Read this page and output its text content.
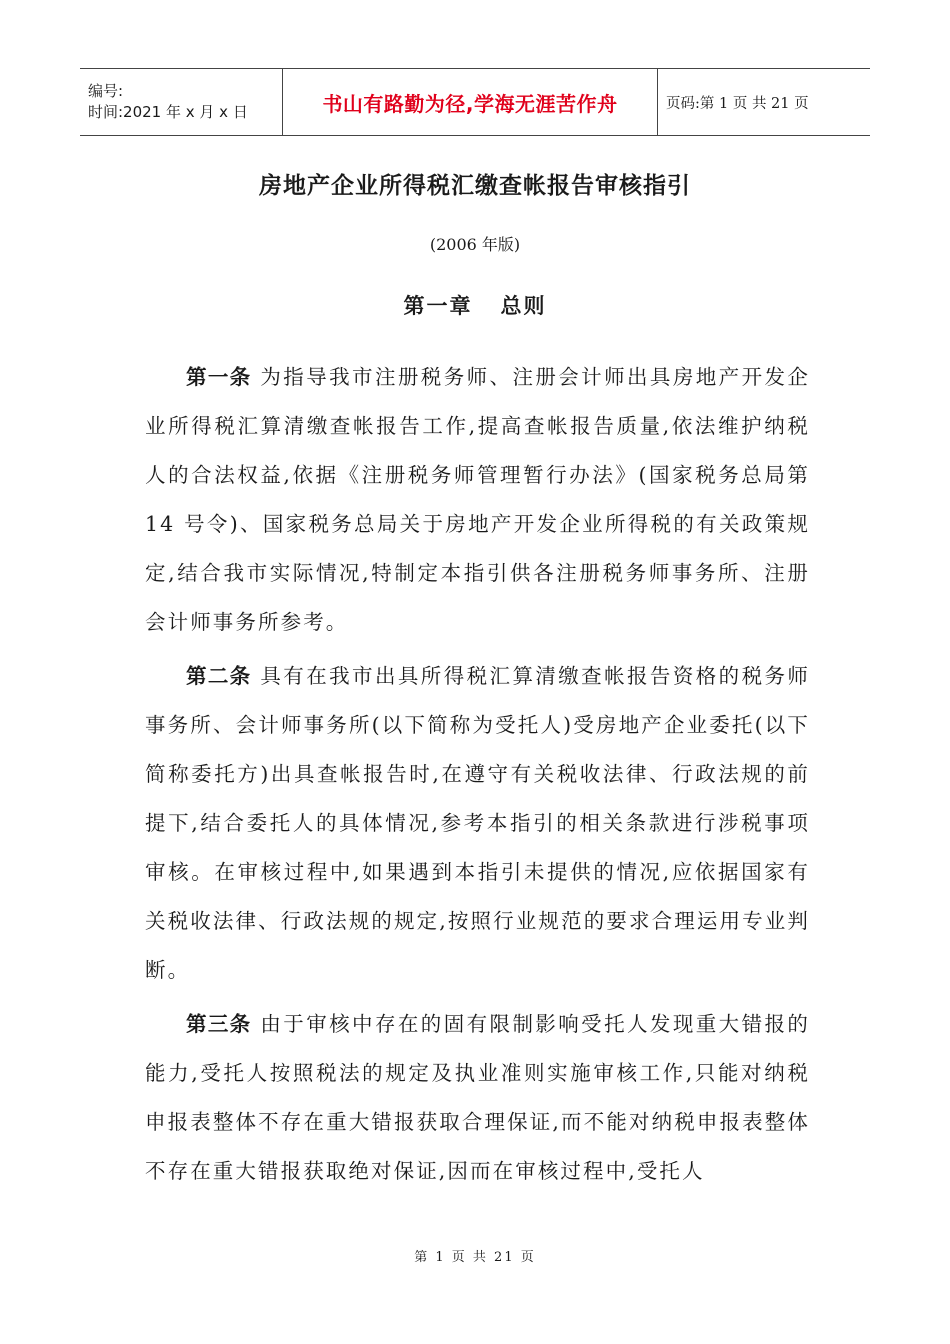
编号:
时间:2021 年 x 月 x 日	书山有路勤为径,学海无涯苦作舟	页码:第 1 页 共 21 页
房地产企业所得税汇缴查帐报告审核指引
(2006 年版)
第一章   总则

第一条 为指导我市注册税务师、注册会计师出具房地产开发企业所得税汇算清缴查帐报告工作,提高查帐报告质量,依法维护纳税人的合法权益,依据《注册税务师管理暂行办法》(国家税务总局第 14 号令)、国家税务总局关于房地产开发企业所得税的有关政策规定,结合我市实际情况,特制定本指引供各注册税务师事务所、注册会计师事务所参考。

第二条 具有在我市出具所得税汇算清缴查帐报告资格的税务师事务所、会计师事务所(以下简称为受托人)受房地产企业委托(以下简称委托方)出具查帐报告时,在遵守有关税收法律、行政法规的前提下,结合委托人的具体情况,参考本指引的相关条款进行涉税事项审核。在审核过程中,如果遇到本指引未提供的情况,应依据国家有关税收法律、行政法规的规定,按照行业规范的要求合理运用专业判断。

第三条 由于审核中存在的固有限制影响受托人发现重大错报的能力,受托人按照税法的规定及执业准则实施审核工作,只能对纳税申报表整体不存在重大错报获取合理保证,而不能对纳税申报表整体不存在重大错报获取绝对保证,因而在审核过程中,受托人

第 1 页 共 21 页
